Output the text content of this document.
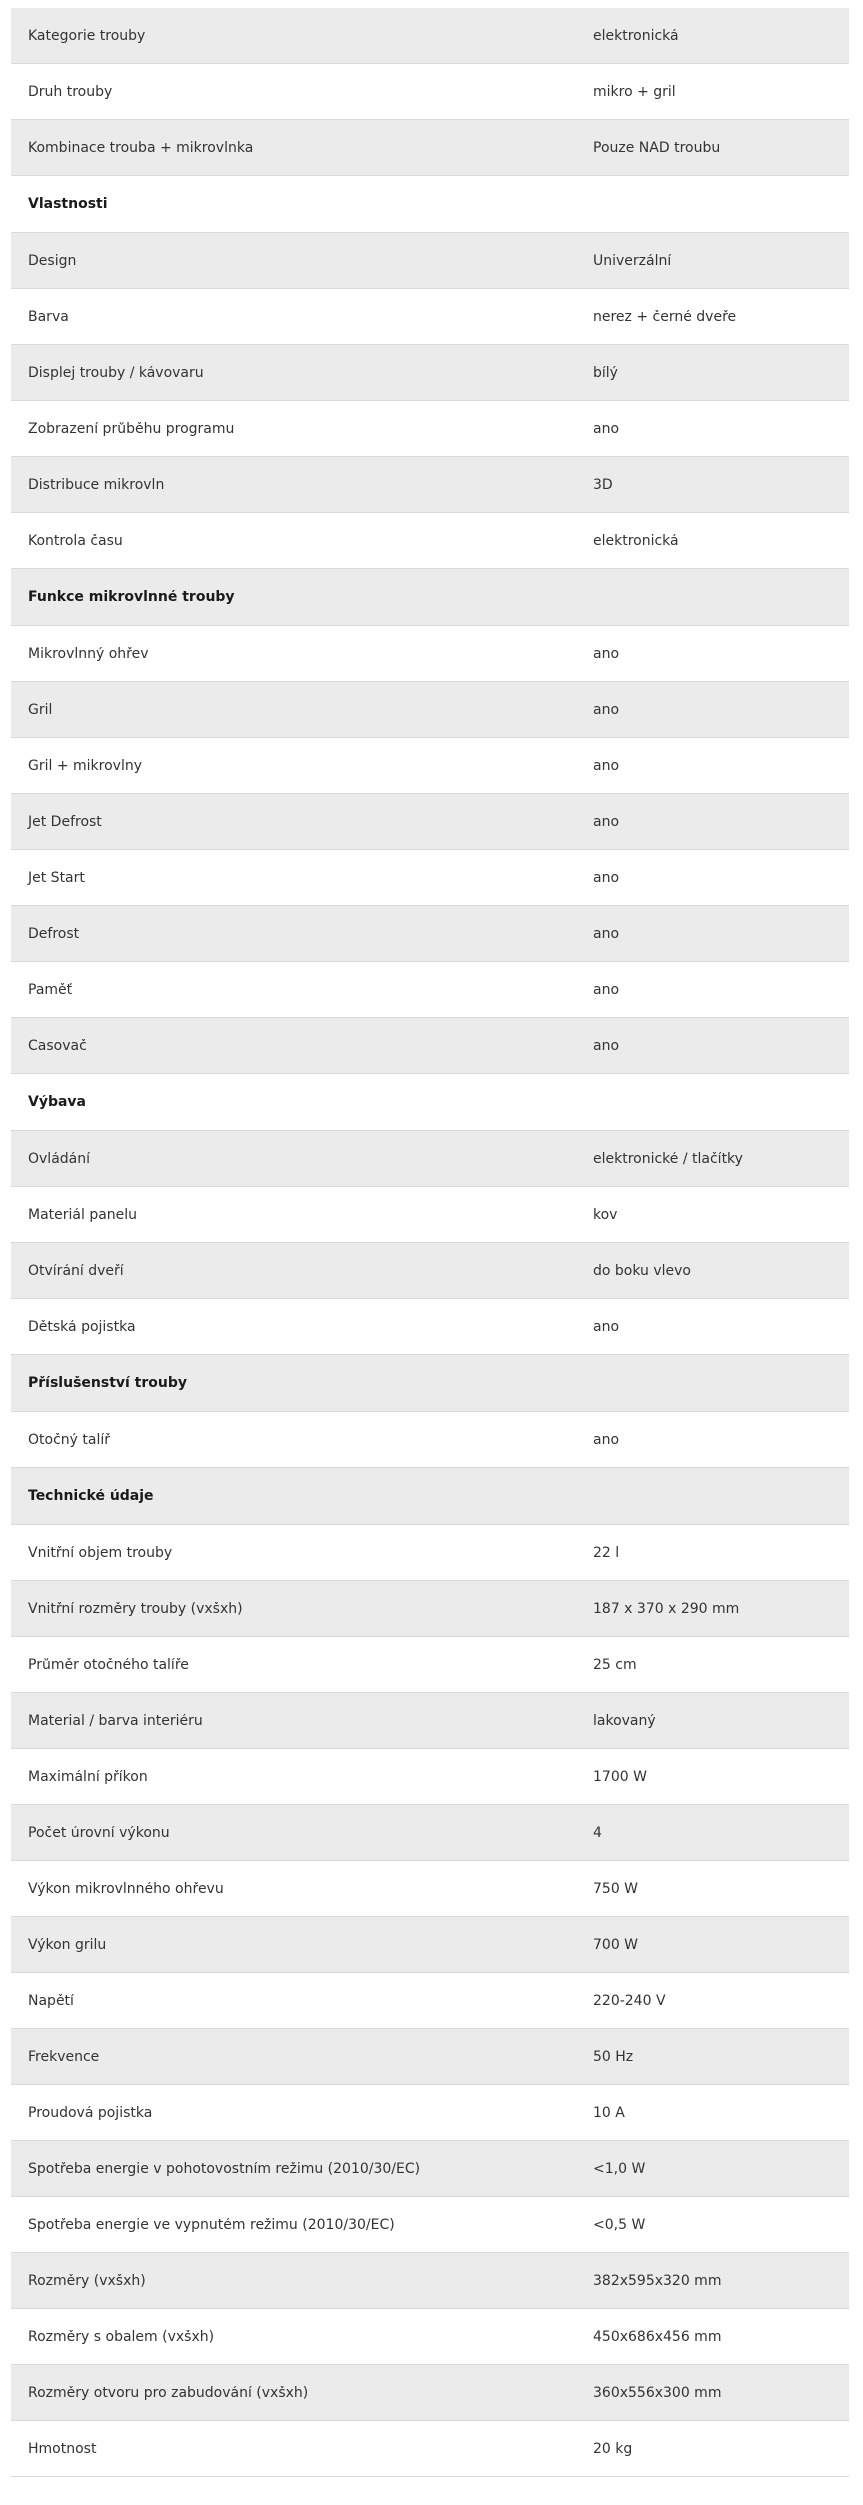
Kategorie trouby	elektronická
Druh trouby	mikro + gril
Kombinace trouba + mikrovlnka	Pouze NAD troubu
Vlastnosti
Design	Univerzální
Barva	nerez + černé dveře
Displej trouby / kávovaru	bílý
Zobrazení průběhu programu	ano
Distribuce mikrovln	3D
Kontrola času	elektronická
Funkce mikrovlnné trouby
Mikrovlnný ohřev	ano
Gril	ano
Gril + mikrovlny	ano
Jet Defrost	ano
Jet Start	ano
Defrost	ano
Paměť	ano
Časovač	ano
Výbava
Ovládání	elektronické / tlačítky
Materiál panelu	kov
Otvírání dveří	do boku vlevo
Dětská pojistka	ano
Příslušenství trouby
Otočný talíř	ano
Technické údaje
Vnitřní objem trouby	22 l
Vnitřní rozměry trouby (vxšxh)	187 x 370 x 290 mm
Průměr otočného talíře	25 cm
Material / barva interiéru	lakovaný
Maximální příkon	1700 W
Počet úrovní výkonu	4
Výkon mikrovlnného ohřevu	750 W
Výkon grilu	700 W
Napětí	220-240 V
Frekvence	50 Hz
Proudová pojistka	10 A
Spotřeba energie v pohotovostním režimu (2010/30/EC)	<1,0 W
Spotřeba energie ve vypnutém režimu (2010/30/EC)	<0,5 W
Rozměry (vxšxh)	382x595x320 mm
Rozměry s obalem (vxšxh)	450x686x456 mm
Rozměry otvoru pro zabudování (vxšxh)	360x556x300 mm
Hmotnost	20 kg
